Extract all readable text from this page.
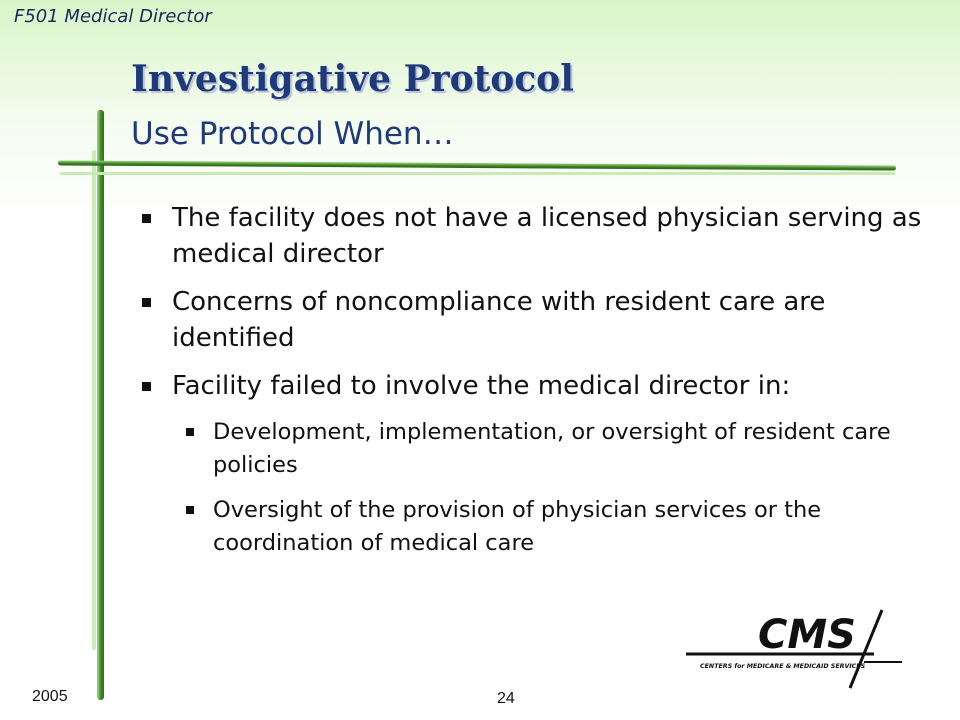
F501 Medical Director
Investigative Protocol
Use Protocol When…
The facility does not have a licensed physician serving as medical director
Concerns of noncompliance with resident care are identified
Facility failed to involve the medical director in:
Development, implementation, or oversight of resident care policies
Oversight of the provision of physician services or the coordination of medical care
2005	24
CMS
CENTERS for MEDICARE & MEDICAID SERVICES
